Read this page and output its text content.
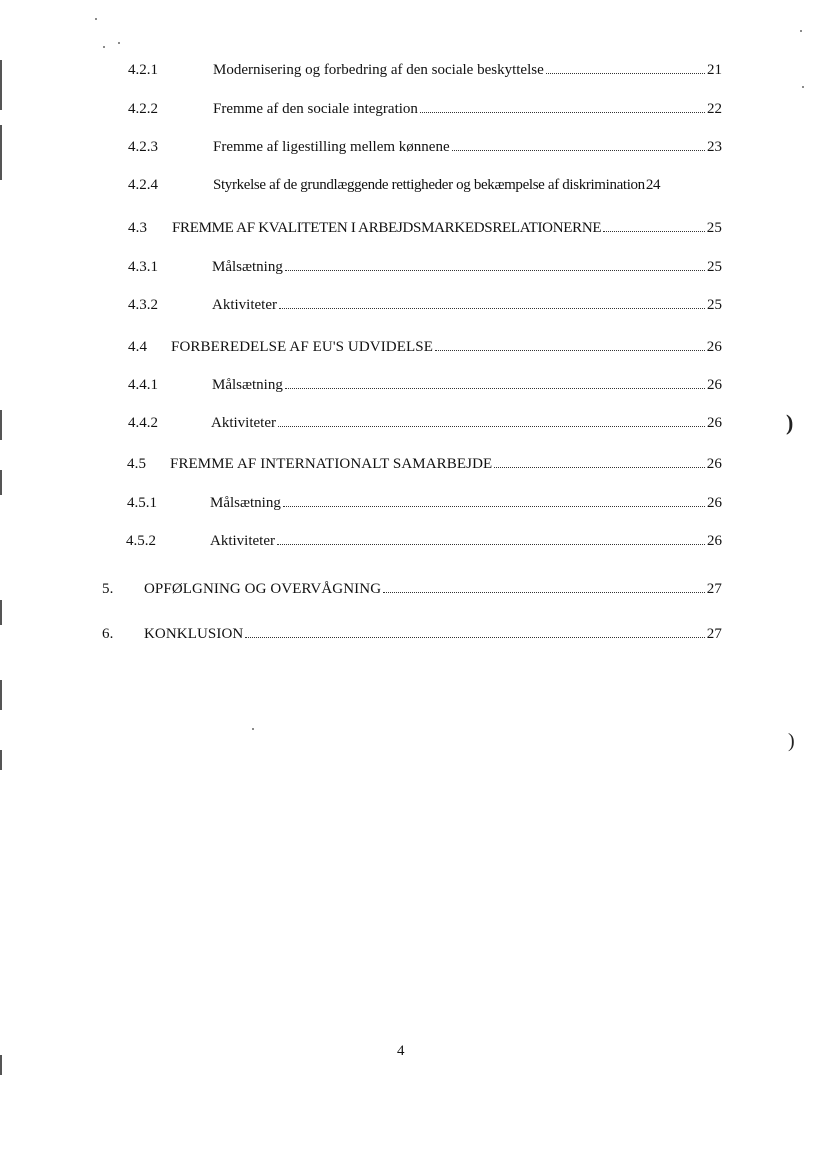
4.2.1	Modernisering og forbedring af den sociale beskyttelse	21
4.2.2	Fremme af den sociale integration	22
4.2.3	Fremme af ligestilling mellem kønnene	23
4.2.4	Styrkelse af de grundlæggende rettigheder og bekæmpelse af diskrimination 24
4.3	FREMME AF KVALITETEN I ARBEJDSMARKEDSRELATIONERNE	25
4.3.1	Målsætning	25
4.3.2	Aktiviteter	25
4.4	FORBEREDELSE AF EU'S UDVIDELSE	26
4.4.1	Målsætning	26
4.4.2	Aktiviteter	26
4.5	FREMME AF INTERNATIONALT SAMARBEJDE	26
4.5.1	Målsætning	26
4.5.2	Aktiviteter	26
5.	OPFØLGNING OG OVERVÅGNING	27
6.	KONKLUSION	27
)
)
4
